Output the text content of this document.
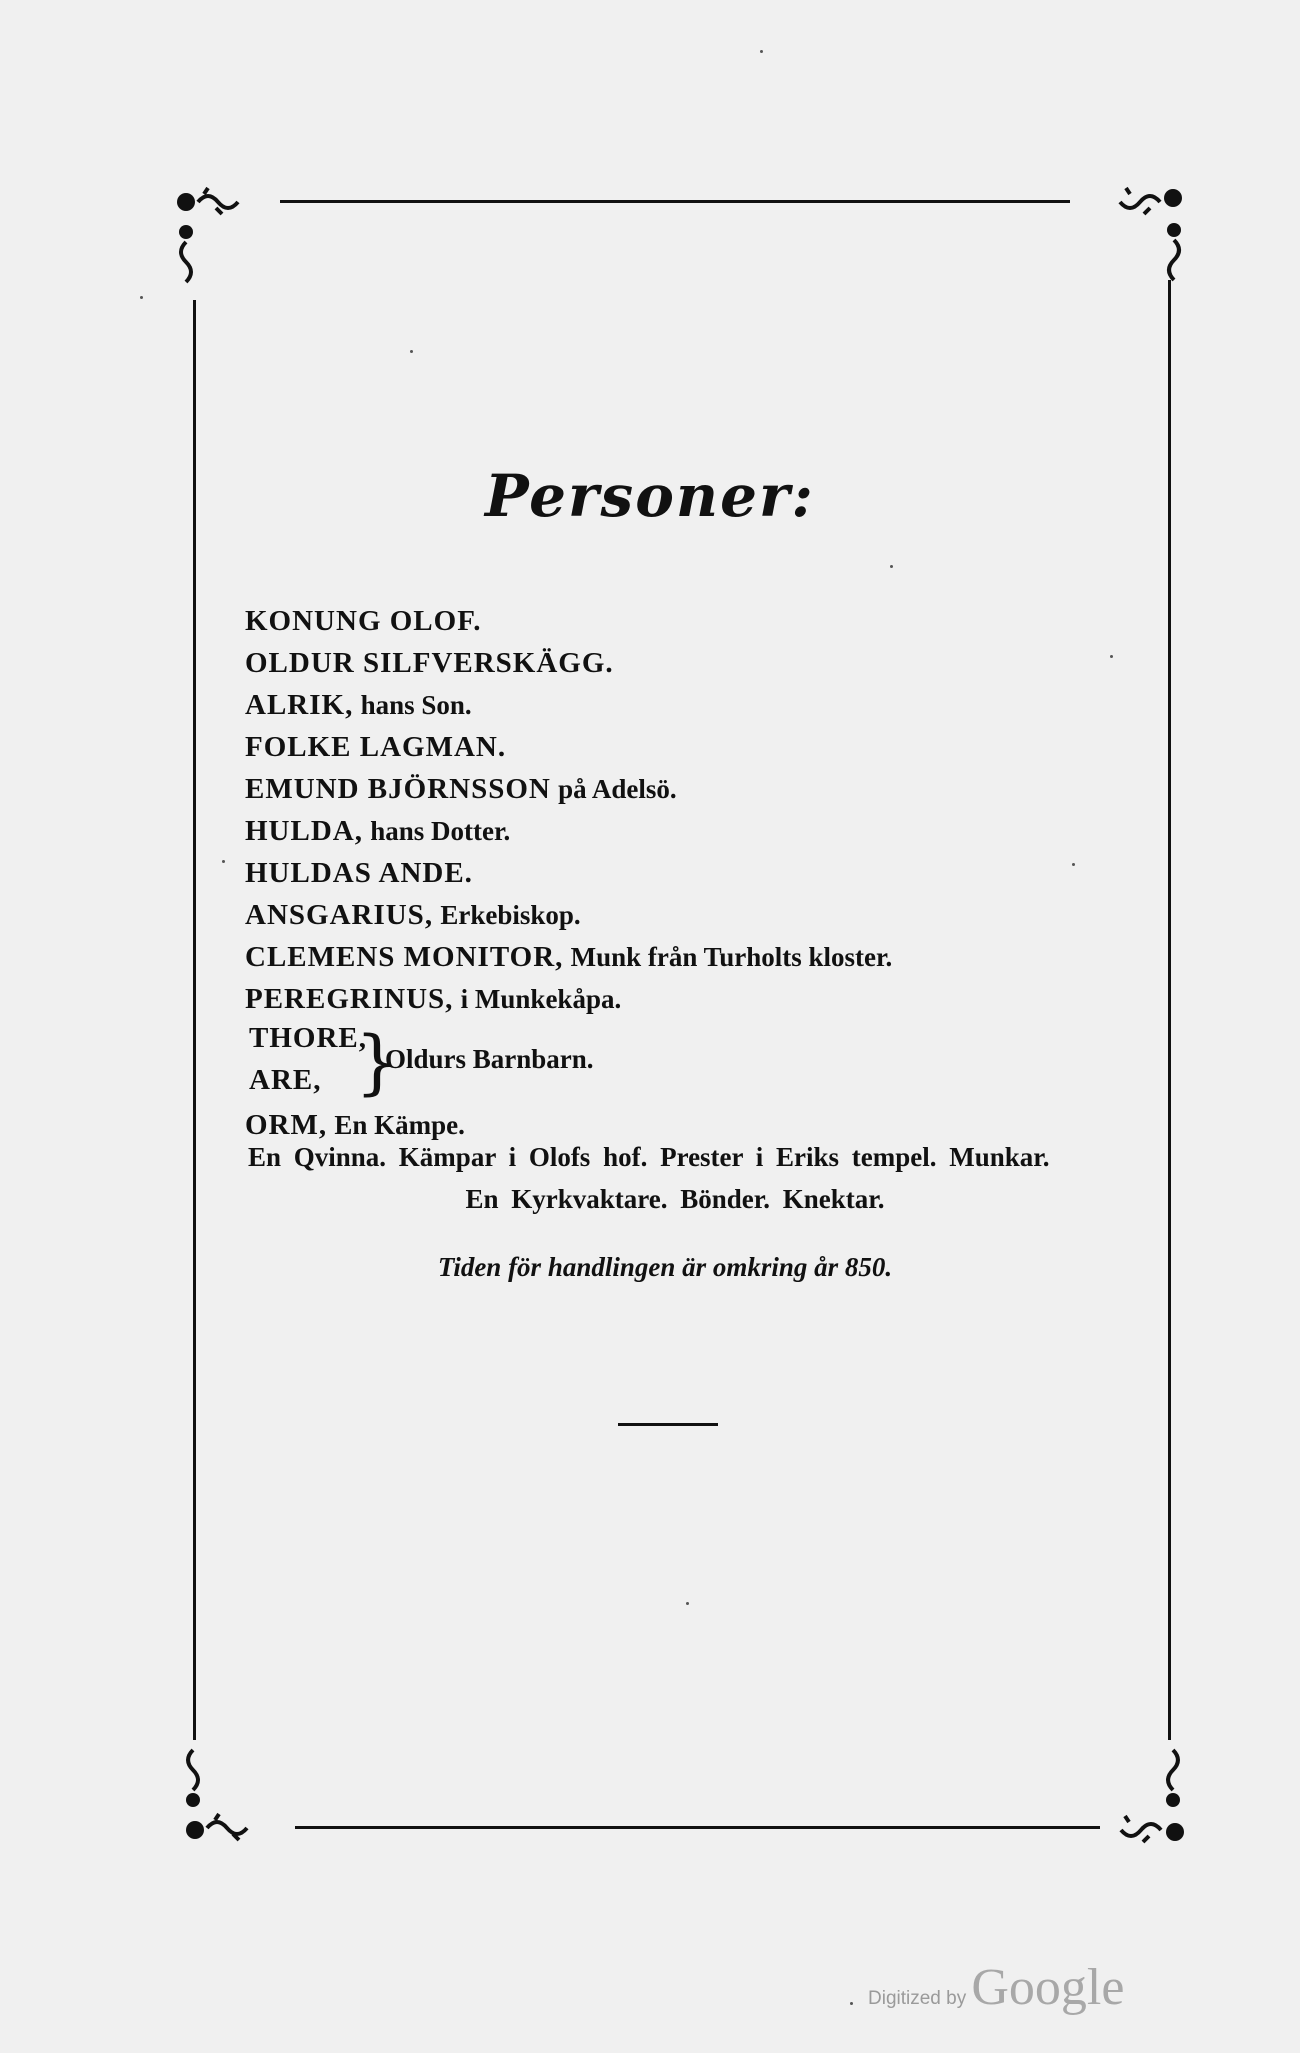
Personer:
KONUNG OLOF.
OLDUR SILFVERSKÄGG.
ALRIK, hans Son.
FOLKE LAGMAN.
EMUND BJÖRNSSON på Adelsö.
HULDA, hans Dotter.
HULDAS ANDE.
ANSGARIUS, Erkebiskop.
CLEMENS MONITOR, Munk från Turholts kloster.
PEREGRINUS, i Munkekåpa.
THORE,
ARE, }
Oldurs Barnbarn.
ORM, En Kämpe.
En Qvinna. Kämpar i Olofs hof. Prester i Eriks tempel. Munkar.
En Kyrkvaktare. Bönder. Knektar.
Tiden för handlingen är omkring år 850.
Digitized by Google
